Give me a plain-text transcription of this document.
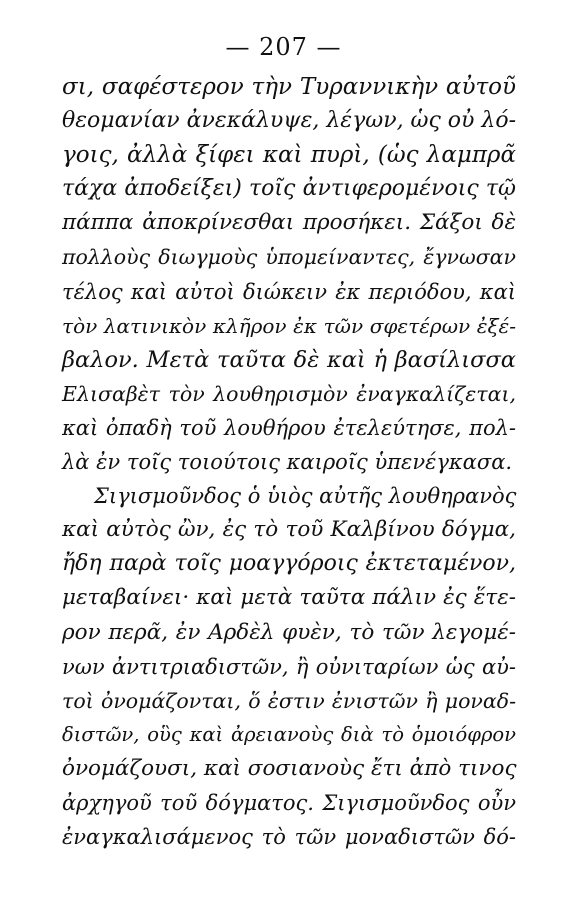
— 207 —
σι, σαφέστερον τὴν Τυραννικὴν αὐτοῦ
θεομανίαν ἀνεκάλυψε, λέγων, ὡς οὐ λό-
γοις, ἀλλὰ ξίφει καὶ πυρὶ, (ὡς λαμπρᾶ
τάχα ἀποδείξει) τοῖς ἀντιφερομένοις τῷ
πάππα ἀποκρίνεσθαι προσήκει. Σάξοι δὲ
πολλοὺς διωγμοὺς ὑπομείναντες, ἔγνωσαν
τέλος καὶ αὐτοὶ διώκειν ἐκ περιόδου, καὶ
τὸν λατινικὸν κλῆρον ἐκ τῶν σφετέρων ἐξέ-
βαλον. Μετὰ ταῦτα δὲ καὶ ἡ βασίλισσα
Ελισαβὲτ τὸν λουθηρισμὸν ἐναγκαλίζεται,
καὶ ὀπαδὴ τοῦ λουθήρου ἐτελεύτησε, πολ-
λὰ ἐν τοῖς τοιούτοις καιροῖς ὑπενέγκασα.
Σιγισμοῦνδος ὁ ὑιὸς αὐτῆς λουθηρανὸς
καὶ αὐτὸς ὢν, ἐς τὸ τοῦ Καλβίνου δόγμα,
ἤδη παρὰ τοῖς μοαγγόροις ἐκτεταμένον,
μεταβαίνει· καὶ μετὰ ταῦτα πάλιν ἐς ἕτε-
ρον περᾶ, ἐν Αρδὲλ φυὲν, τὸ τῶν λεγομέ-
νων ἀντιτριαδιστῶν, ἢ οὐνιταρίων ὡς αὐ-
τοὶ ὀνομάζονται, ὅ ἐστιν ἐνιστῶν ἢ μοναδ-
διστῶν, οὓς καὶ ἀρειανοὺς διὰ τὸ ὁμοιόφρον
ὀνομάζουσι, καὶ σοσιανοὺς ἔτι ἀπὸ τινος
ἀρχηγοῦ τοῦ δόγματος. Σιγισμοῦνδος οὖν
ἐναγκαλισάμενος τὸ τῶν μοναδιστῶν δό-
